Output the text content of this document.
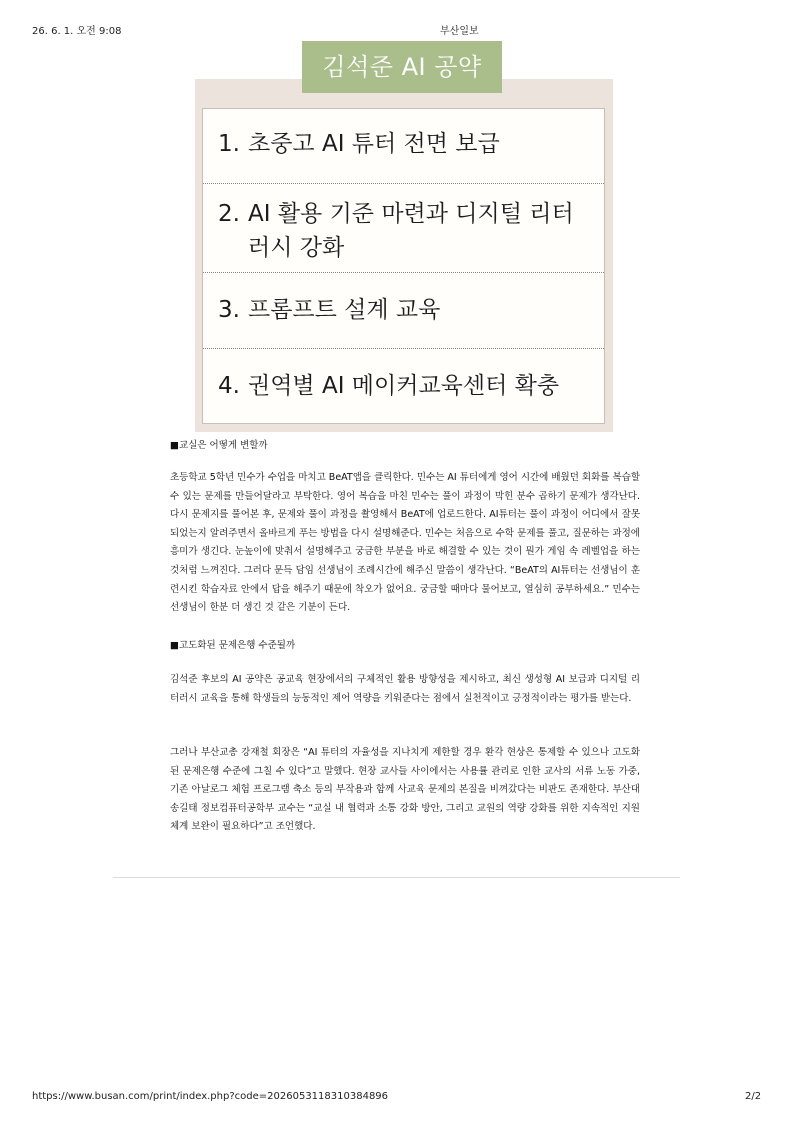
26. 6. 1. 오전 9:08	부산일보
김석준 AI 공약
1. 초중고 AI 튜터 전면 보급
2. AI 활용 기준 마련과 디지털 리터
러시 강화
3. 프롬프트 설계 교육
4. 권역별 AI 메이커교육센터 확충
■교실은 어떻게 변할까
초등학교 5학년 민수가 수업을 마치고 BeAT앱을 클릭한다. 민수는 AI 튜터에게 영어 시간에 배웠던 회화를 복습할 수 있는 문제를 만들어달라고 부탁한다. 영어 복습을 마친 민수는 풀이 과정이 막힌 분수 곱하기 문제가 생각난다. 다시 문제지를 풀어본 후, 문제와 풀이 과정을 촬영해서 BeAT에 업로드한다. AI튜터는 풀이 과정이 어디에서 잘못되었는지 알려주면서 올바르게 푸는 방법을 다시 설명해준다. 민수는 처음으로 수학 문제를 풀고, 질문하는 과정에 흥미가 생긴다. 눈높이에 맞춰서 설명해주고 궁금한 부분을 바로 해결할 수 있는 것이 뭔가 게임 속 레벨업을 하는 것처럼 느껴진다. 그러다 문득 담임 선생님이 조례시간에 해주신 말씀이 생각난다. “BeAT의 AI튜터는 선생님이 훈련시킨 학습자료 안에서 답을 해주기 때문에 착오가 없어요. 궁금할 때마다 물어보고, 열심히 공부하세요.” 민수는 선생님이 한분 더 생긴 것 같은 기분이 든다.
■고도화된 문제은행 수준될까
김석준 후보의 AI 공약은 공교육 현장에서의 구체적인 활용 방향성을 제시하고, 최신 생성형 AI 보급과 디지털 리터러시 교육을 통해 학생들의 능동적인 제어 역량을 키워준다는 점에서 실천적이고 긍정적이라는 평가를 받는다.
그러나 부산교총 강재철 회장은 “AI 튜터의 자율성을 지나치게 제한할 경우 환각 현상은 통제할 수 있으나 고도화된 문제은행 수준에 그칠 수 있다”고 말했다. 현장 교사들 사이에서는 사용률 관리로 인한 교사의 서류 노동 가중, 기존 아날로그 체험 프로그램 축소 등의 부작용과 함께 사교육 문제의 본질을 비껴갔다는 비판도 존재한다. 부산대 송길태 정보컴퓨터공학부 교수는 “교실 내 협력과 소통 강화 방안, 그리고 교원의 역량 강화를 위한 지속적인 지원 체계 보완이 필요하다”고 조언했다.
https://www.busan.com/print/index.php?code=20260531183103848​96	2/2
